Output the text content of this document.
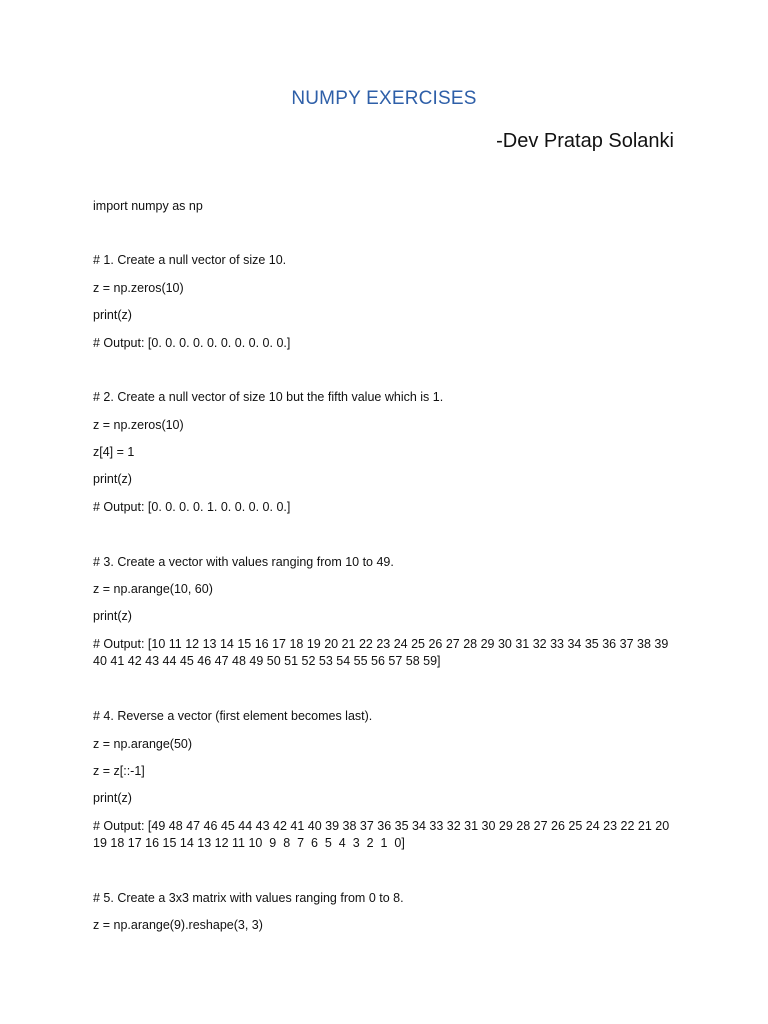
NUMPY EXERCISES
-Dev Pratap Solanki
import numpy as np
# 1. Create a null vector of size 10.
z = np.zeros(10)
print(z)
# Output: [0. 0. 0. 0. 0. 0. 0. 0. 0. 0.]
# 2. Create a null vector of size 10 but the fifth value which is 1.
z = np.zeros(10)
z[4] = 1
print(z)
# Output: [0. 0. 0. 0. 1. 0. 0. 0. 0. 0.]
# 3. Create a vector with values ranging from 10 to 49.
z = np.arange(10, 60)
print(z)
# Output: [10 11 12 13 14 15 16 17 18 19 20 21 22 23 24 25 26 27 28 29 30 31 32 33 34 35 36 37 38 39 40 41 42 43 44 45 46 47 48 49 50 51 52 53 54 55 56 57 58 59]
# 4. Reverse a vector (first element becomes last).
z = np.arange(50)
z = z[::-1]
print(z)
# Output: [49 48 47 46 45 44 43 42 41 40 39 38 37 36 35 34 33 32 31 30 29 28 27 26 25 24 23 22 21 20 19 18 17 16 15 14 13 12 11 10  9  8  7  6  5  4  3  2  1  0]
# 5. Create a 3x3 matrix with values ranging from 0 to 8.
z = np.arange(9).reshape(3, 3)
